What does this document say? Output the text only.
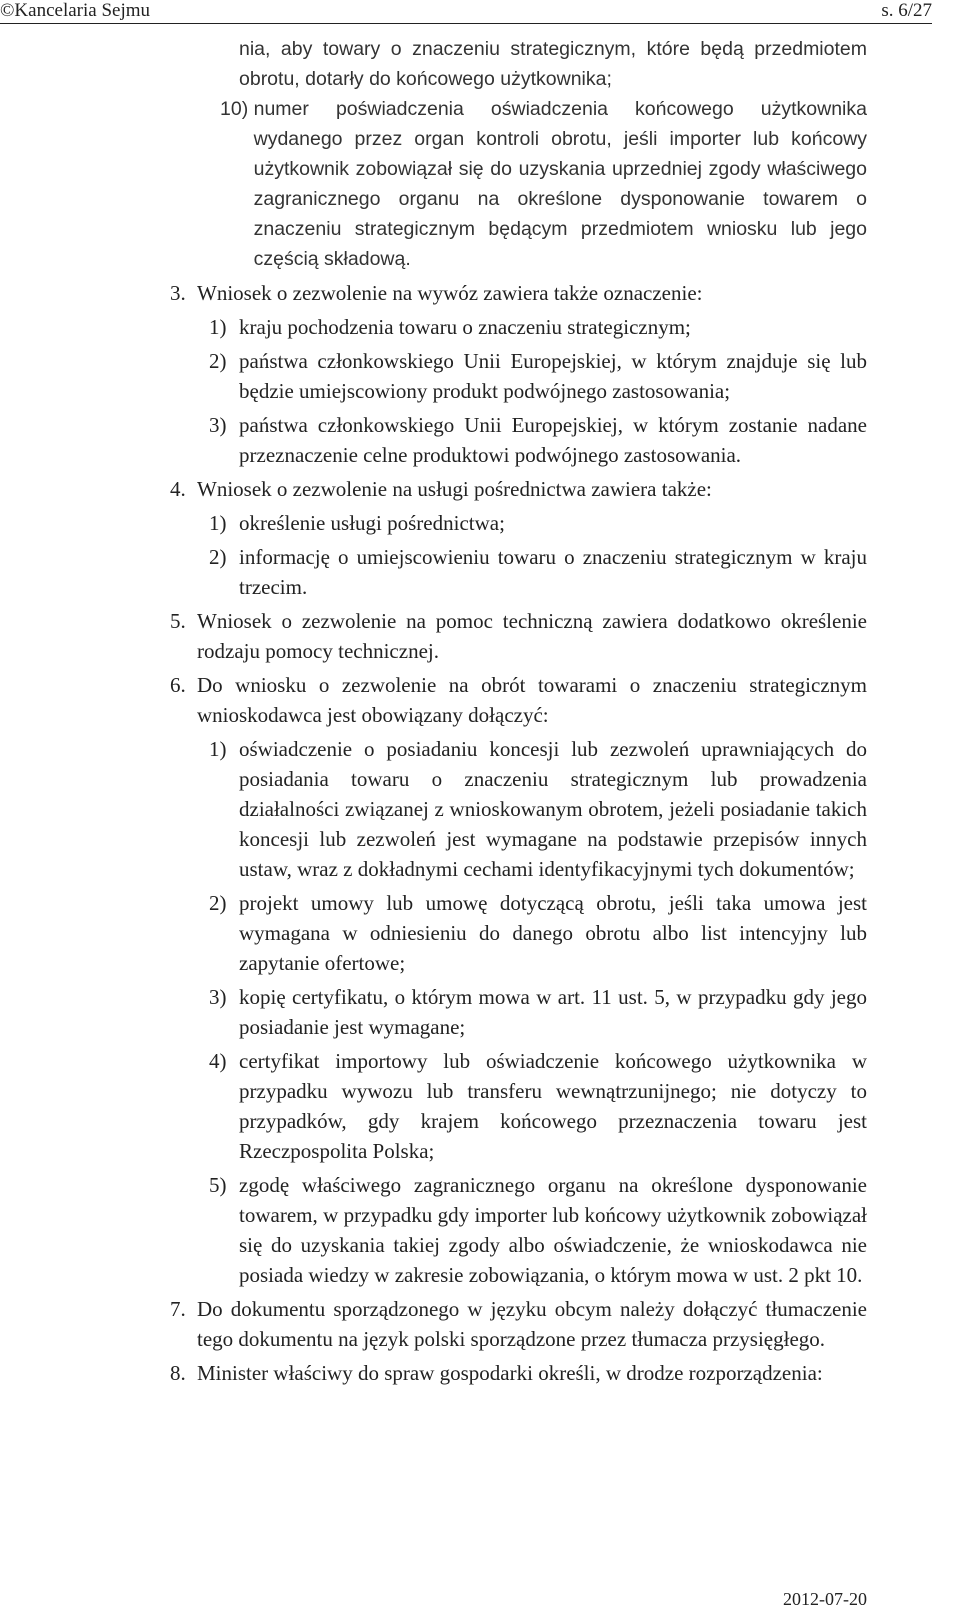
©Kancelaria Sejmu	s. 6/27

nia, aby towary o znaczeniu strategicznym, które będą przedmiotem obrotu, dotarły do końcowego użytkownika;

10) numer poświadczenia oświadczenia końcowego użytkownika wydanego przez organ kontroli obrotu, jeśli importer lub końcowy użytkownik zobowiązał się do uzyskania uprzedniej zgody właściwego zagranicznego organu na określone dysponowanie towarem o znaczeniu strategicznym będącym przedmiotem wniosku lub jego częścią składową.
3. Wniosek o zezwolenie na wywóz zawiera także oznaczenie:
1) kraju pochodzenia towaru o znaczeniu strategicznym;
2) państwa członkowskiego Unii Europejskiej, w którym znajduje się lub będzie umiejscowiony produkt podwójnego zastosowania;
3) państwa członkowskiego Unii Europejskiej, w którym zostanie nadane przeznaczenie celne produktowi podwójnego zastosowania.
4. Wniosek o zezwolenie na usługi pośrednictwa zawiera także:
1) określenie usługi pośrednictwa;
2) informację o umiejscowieniu towaru o znaczeniu strategicznym w kraju trzecim.
5. Wniosek o zezwolenie na pomoc techniczną zawiera dodatkowo określenie rodzaju pomocy technicznej.
6. Do wniosku o zezwolenie na obrót towarami o znaczeniu strategicznym wnioskodawca jest obowiązany dołączyć:
1) oświadczenie o posiadaniu koncesji lub zezwoleń uprawniających do posiadania towaru o znaczeniu strategicznym lub prowadzenia działalności związanej z wnioskowanym obrotem, jeżeli posiadanie takich koncesji lub zezwoleń jest wymagane na podstawie przepisów innych ustaw, wraz z dokładnymi cechami identyfikacyjnymi tych dokumentów;
2) projekt umowy lub umowę dotyczącą obrotu, jeśli taka umowa jest wymagana w odniesieniu do danego obrotu albo list intencyjny lub zapytanie ofertowe;
3) kopię certyfikatu, o którym mowa w art. 11 ust. 5, w przypadku gdy jego posiadanie jest wymagane;
4) certyfikat importowy lub oświadczenie końcowego użytkownika w przypadku wywozu lub transferu wewnątrzunijnego; nie dotyczy to przypadków, gdy krajem końcowego przeznaczenia towaru jest Rzeczpospolita Polska;
5) zgodę właściwego zagranicznego organu na określone dysponowanie towarem, w przypadku gdy importer lub końcowy użytkownik zobowiązał się do uzyskania takiej zgody albo oświadczenie, że wnioskodawca nie posiada wiedzy w zakresie zobowiązania, o którym mowa w ust. 2 pkt 10.
7. Do dokumentu sporządzonego w języku obcym należy dołączyć tłumaczenie tego dokumentu na język polski sporządzone przez tłumacza przysięgłego.
8. Minister właściwy do spraw gospodarki określi, w drodze rozporządzenia:
2012-07-20
